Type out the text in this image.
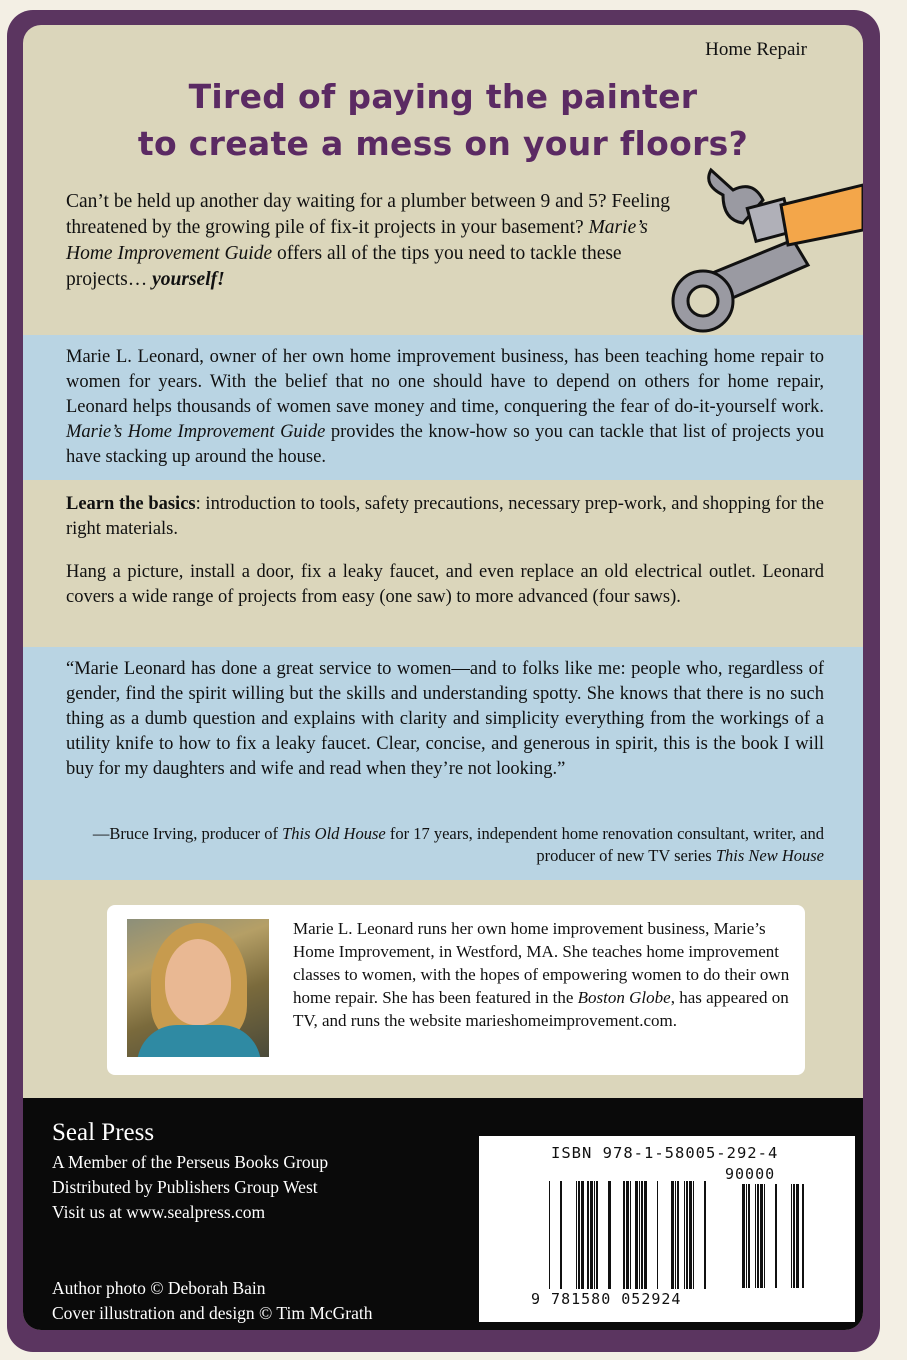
Home Repair
Tired of paying the painter
to create a mess on your floors?
Can’t be held up another day waiting for a plumber between 9 and 5? Feeling threatened by the growing pile of fix-it projects in your basement? Marie’s Home Improvement Guide offers all of the tips you need to tackle these projects… yourself!
Marie L. Leonard, owner of her own home improvement business, has been teaching home repair to women for years. With the belief that no one should have to depend on others for home repair, Leonard helps thousands of women save money and time, conquering the fear of do-it-yourself work. Marie’s Home Improvement Guide provides the know-how so you can tackle that list of projects you have stacking up around the house.
Learn the basics: introduction to tools, safety precautions, necessary prep-work, and shopping for the right materials.
Hang a picture, install a door, fix a leaky faucet, and even replace an old electrical outlet. Leonard covers a wide range of projects from easy (one saw) to more advanced (four saws).
“Marie Leonard has done a great service to women—and to folks like me: people who, regardless of gender, find the spirit willing but the skills and understanding spotty. She knows that there is no such thing as a dumb question and explains with clarity and simplicity everything from the workings of a utility knife to how to fix a leaky faucet. Clear, concise, and generous in spirit, this is the book I will buy for my daughters and wife and read when they’re not looking.”
—Bruce Irving, producer of This Old House for 17 years, independent home renovation consultant, writer, and producer of new TV series This New House
Marie L. Leonard runs her own home improvement business, Marie’s Home Improvement, in Westford, MA. She teaches home improvement classes to women, with the hopes of empowering women to do their own home repair. She has been featured in the Boston Globe, has appeared on TV, and runs the website marieshomeimprovement.com.
Seal Press
A Member of the Perseus Books Group
Distributed by Publishers Group West
Visit us at www.sealpress.com
Author photo © Deborah Bain
Cover illustration and design © Tim McGrath
ISBN 978-1-58005-292-4
90000
9 781580 052924
